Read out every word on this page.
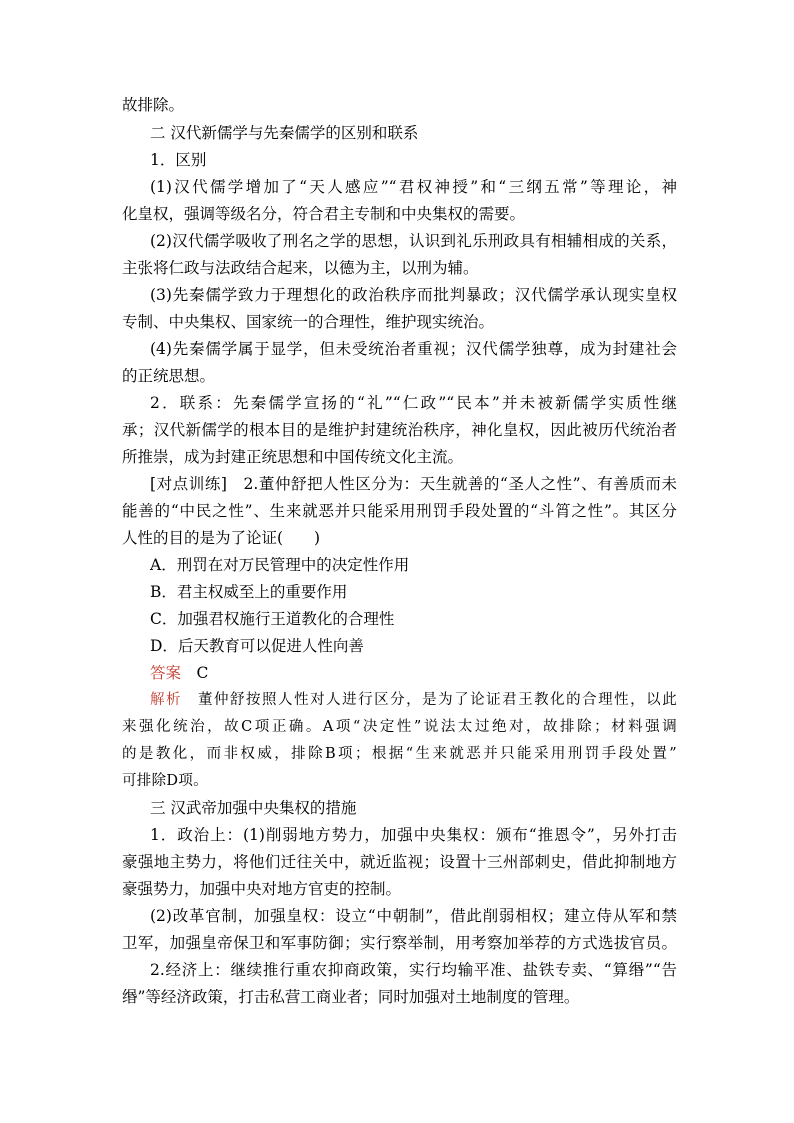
故排除。
二 汉代新儒学与先秦儒学的区别和联系
1．区别
(1)汉代儒学增加了“天人感应”“君权神授”和“三纲五常”等理论，神
化皇权，强调等级名分，符合君主专制和中央集权的需要。
(2)汉代儒学吸收了刑名之学的思想，认识到礼乐刑政具有相辅相成的关系，
主张将仁政与法政结合起来，以德为主，以刑为辅。
(3)先秦儒学致力于理想化的政治秩序而批判暴政；汉代儒学承认现实皇权
专制、中央集权、国家统一的合理性，维护现实统治。
(4)先秦儒学属于显学，但未受统治者重视；汉代儒学独尊，成为封建社会
的正统思想。
2．联系：先秦儒学宣扬的“礼”“仁政”“民本”并未被新儒学实质性继
承；汉代新儒学的根本目的是维护封建统治秩序，神化皇权，因此被历代统治者
所推崇，成为封建正统思想和中国传统文化主流。
[对点训练]　2.董仲舒把人性区分为：天生就善的“圣人之性”、有善质而未
能善的“中民之性”、生来就恶并只能采用刑罚手段处置的“斗筲之性”。其区分
人性的目的是为了论证(　　)
A．刑罚在对万民管理中的决定性作用
B．君主权威至上的重要作用
C．加强君权施行王道教化的合理性
D．后天教育可以促进人性向善
答案　 C
解析　 董仲舒按照人性对人进行区分，是为了论证君王教化的合理性，以此
来强化统治，故C项正确。A项“决定性”说法太过绝对，故排除；材料强调
的是教化，而非权威，排除B项；根据“生来就恶并只能采用刑罚手段处置”
可排除D项。
三 汉武帝加强中央集权的措施
1．政治上：(1)削弱地方势力，加强中央集权：颁布“推恩令”，另外打击
豪强地主势力，将他们迁往关中，就近监视；设置十三州部刺史，借此抑制地方
豪强势力，加强中央对地方官吏的控制。
(2)改革官制，加强皇权：设立“中朝制”，借此削弱相权；建立侍从军和禁
卫军，加强皇帝保卫和军事防御；实行察举制，用考察加举荐的方式选拔官员。
2.经济上：继续推行重农抑商政策，实行均输平准、盐铁专卖、“算缗”“告
缗”等经济政策，打击私营工商业者；同时加强对土地制度的管理。
